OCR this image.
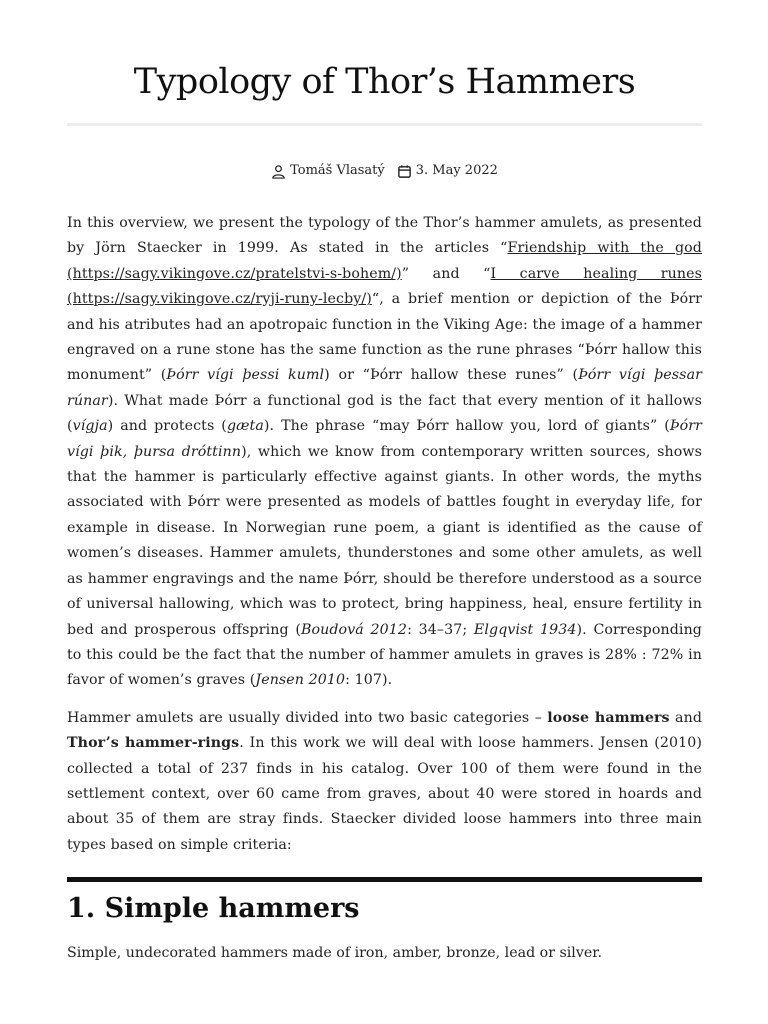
Typology of Thor’s Hammers
Tomáš Vlasatý 3. May 2022

In this overview, we present the typology of the Thor’s hammer amulets, as presented by Jörn Staecker in 1999. As stated in the articles “Friendship with the god (https://sagy.vikingove.cz/pratelstvi-s-bohem/)” and “I carve healing runes (https://sagy.vikingove.cz/ryji-runy-lecby/)“, a brief mention or depiction of the Þórr and his atributes had an apotropaic function in the Viking Age: the image of a hammer engraved on a rune stone has the same function as the rune phrases “Þórr hallow this monument” (Þórr vígi þessi kuml) or “Þórr hallow these runes” (Þórr vígi þessar rúnar). What made Þórr a functional god is the fact that every mention of it hallows (vígja) and protects (gæta). The phrase “may Þórr hallow you, lord of giants” (Þórr vígi þik, þursa dróttinn), which we know from contemporary written sources, shows that the hammer is particularly effective against giants. In other words, the myths associated with Þórr were presented as models of battles fought in everyday life, for example in disease. In Norwegian rune poem, a giant is identified as the cause of women’s diseases. Hammer amulets, thunderstones and some other amulets, as well as hammer engravings and the name Þórr, should be therefore understood as a source of universal hallowing, which was to protect, bring happiness, heal, ensure fertility in bed and prosperous offspring (Boudová 2012: 34–37; Elgqvist 1934). Corresponding to this could be the fact that the number of hammer amulets in graves is 28% : 72% in favor of women’s graves (Jensen 2010: 107).

Hammer amulets are usually divided into two basic categories – loose hammers and Thor’s hammer-rings. In this work we will deal with loose hammers. Jensen (2010) collected a total of 237 finds in his catalog. Over 100 of them were found in the settlement context, over 60 came from graves, about 40 were stored in hoards and about 35 of them are stray finds. Staecker divided loose hammers into three main types based on simple criteria:

1. Simple hammers

Simple, undecorated hammers made of iron, amber, bronze, lead or silver.
